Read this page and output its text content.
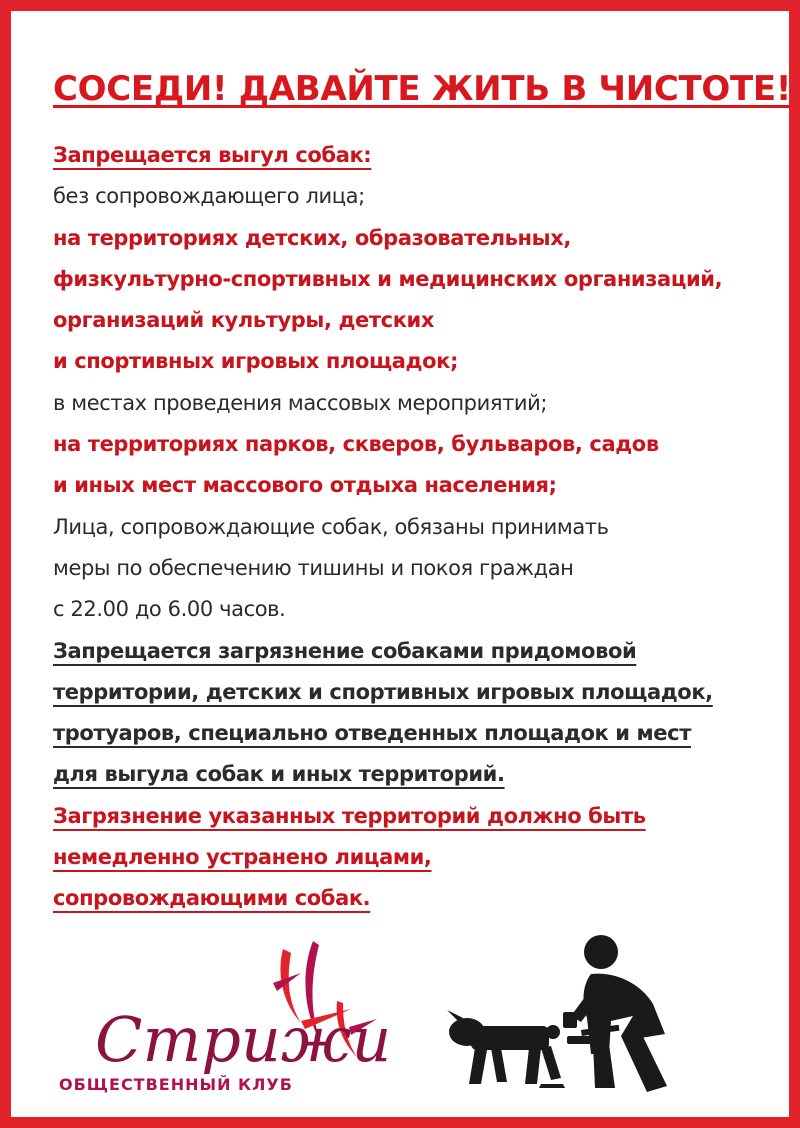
СОСЕДИ! ДАВАЙТЕ ЖИТЬ В ЧИСТОТЕ!
Запрещается выгул собак:
без сопровождающего лица;
на территориях детских, образовательных,
физкультурно-спортивных и медицинских организаций,
организаций культуры, детских
и спортивных игровых площадок;
в местах проведения массовых мероприятий;
на территориях парков, скверов, бульваров, садов
и иных мест массового отдыха населения;
Лица, сопровождающие собак, обязаны принимать
меры по обеспечению тишины и покоя граждан
с 22.00 до 6.00 часов.
Запрещается загрязнение собаками придомовой
территории, детских и спортивных игровых площадок,
тротуаров, специально отведенных площадок и мест
для выгула собак и иных территорий.
Загрязнение указанных территорий должно быть
немедленно устранено лицами,
сопровождающими собак.
Стрижи
ОБЩЕСТВЕННЫЙ КЛУБ
